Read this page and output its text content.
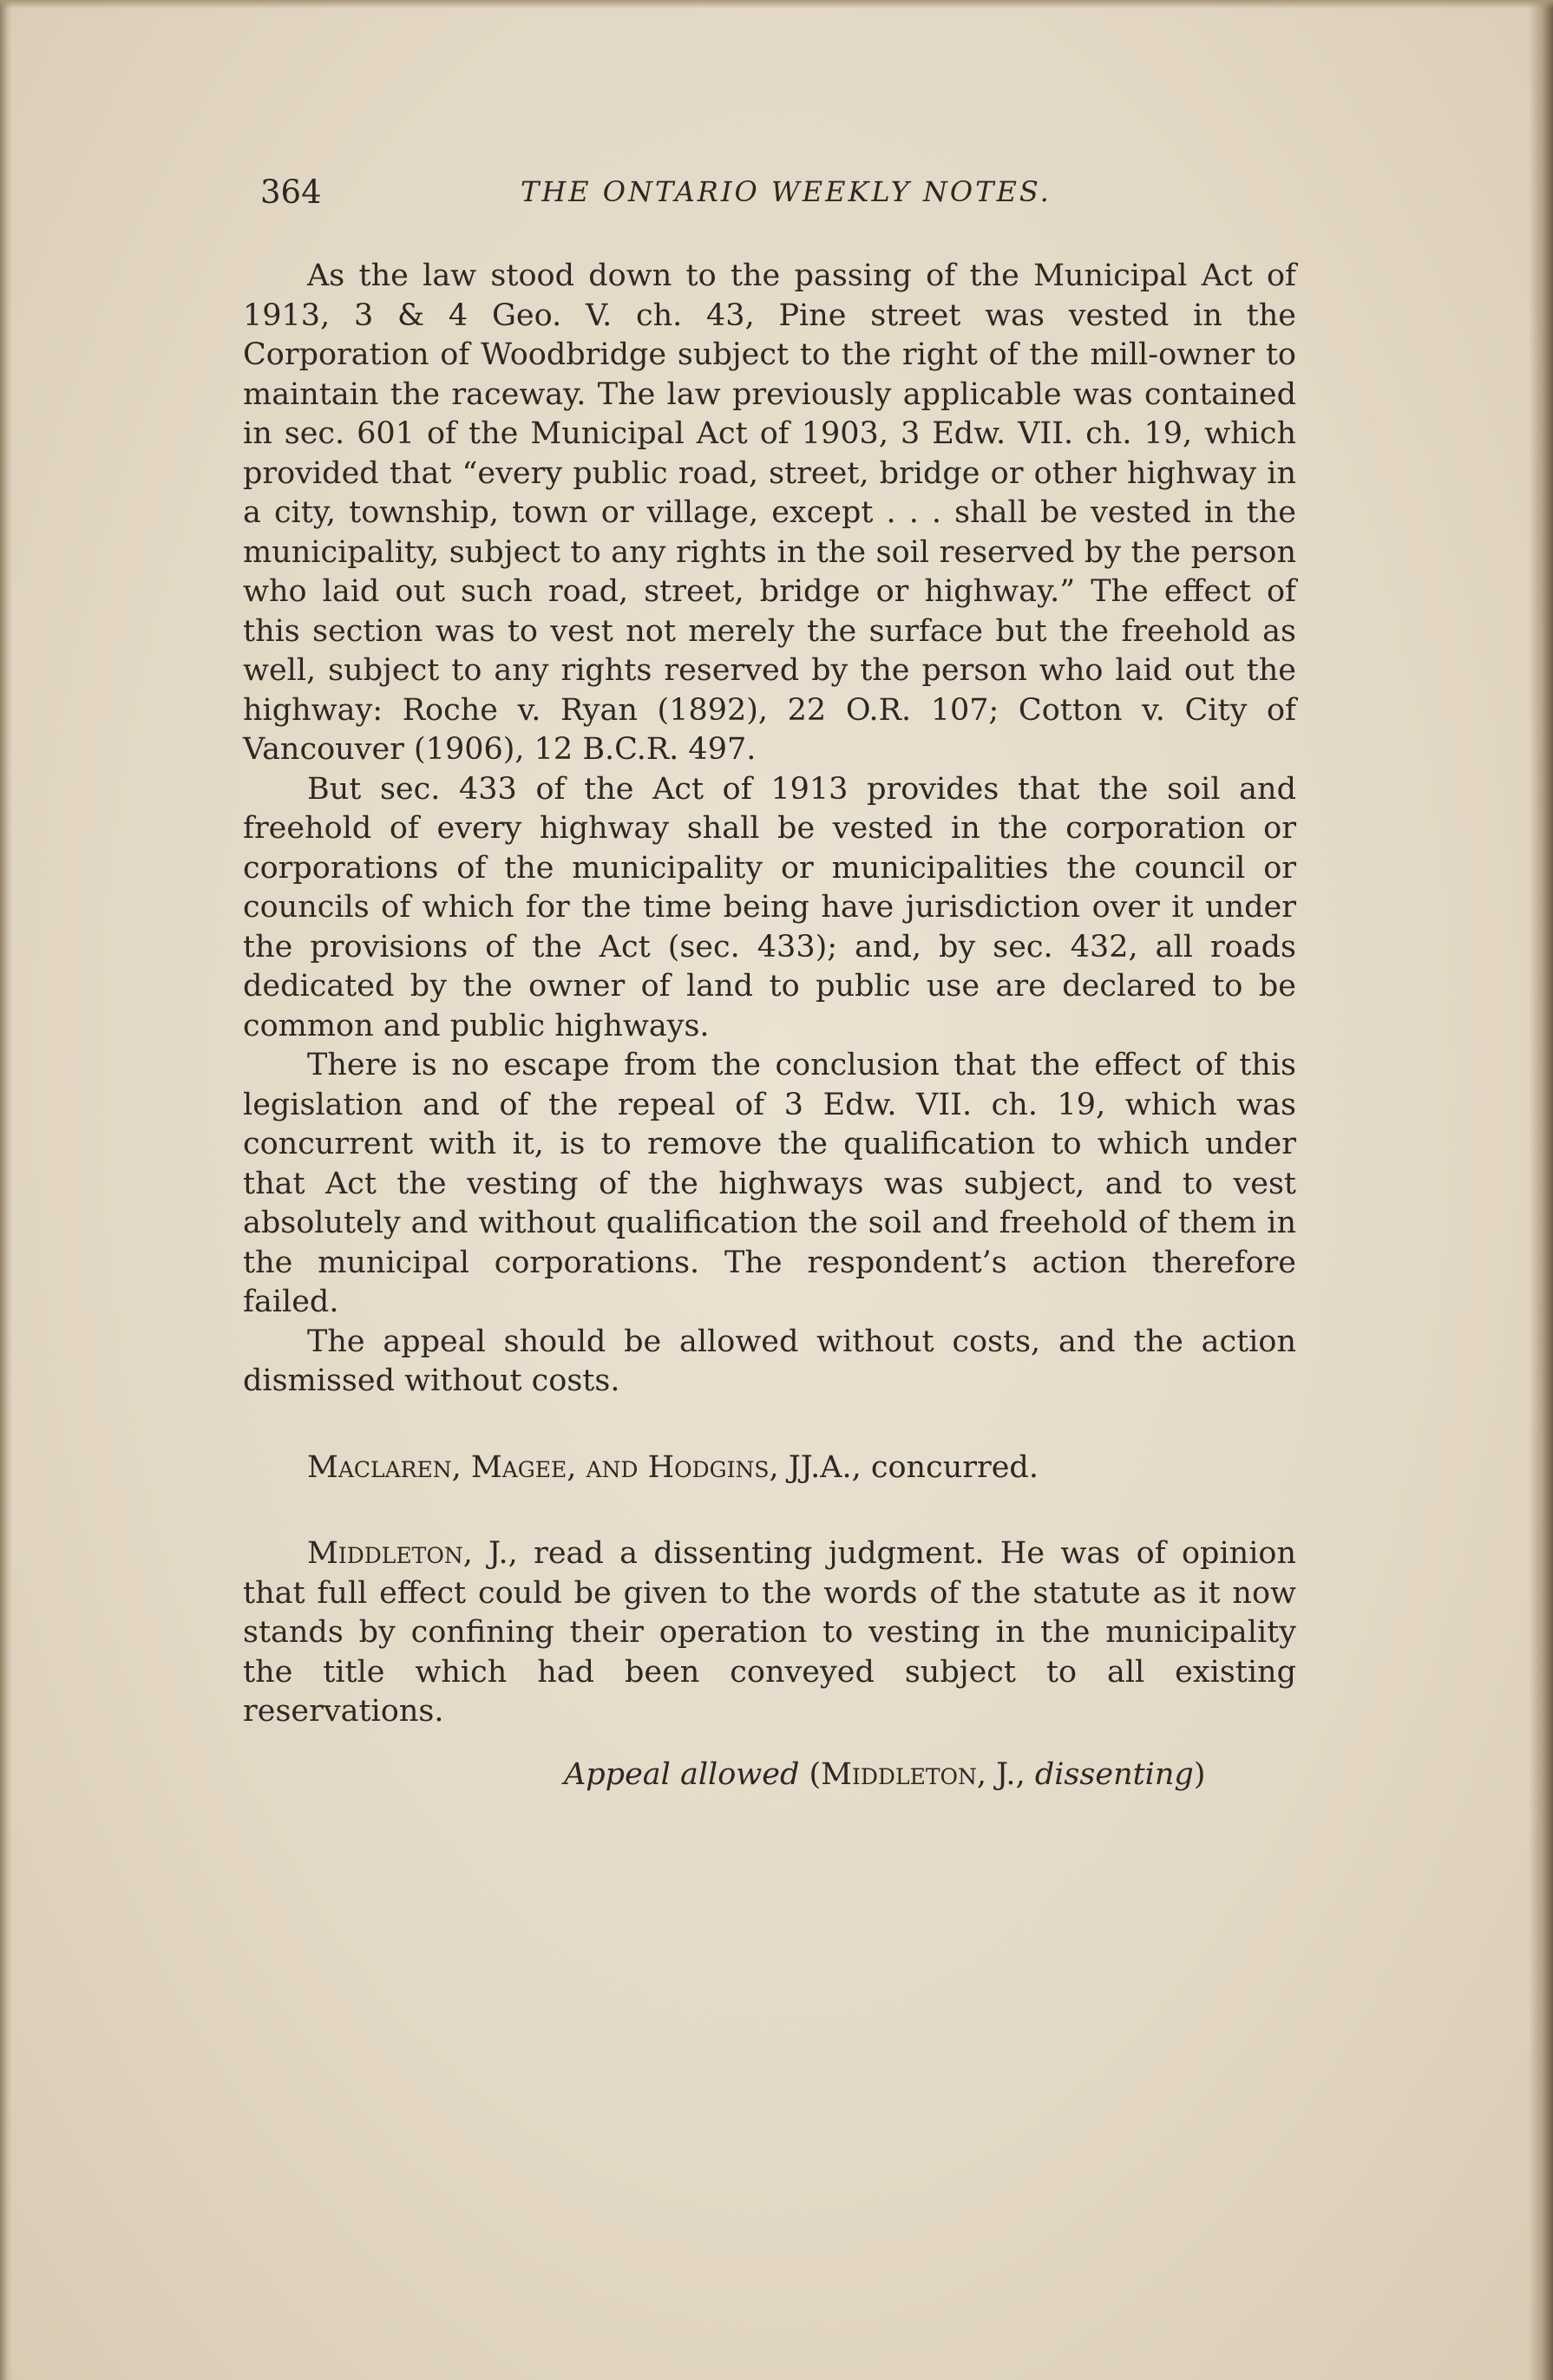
364	THE ONTARIO WEEKLY NOTES.

As the law stood down to the passing of the Municipal Act of 1913, 3 & 4 Geo. V. ch. 43, Pine street was vested in the Corporation of Woodbridge subject to the right of the mill-owner to maintain the raceway. The law previously applicable was contained in sec. 601 of the Municipal Act of 1903, 3 Edw. VII. ch. 19, which provided that “every public road, street, bridge or other highway in a city, township, town or village, except . . . shall be vested in the municipality, subject to any rights in the soil reserved by the person who laid out such road, street, bridge or highway.” The effect of this section was to vest not merely the surface but the freehold as well, subject to any rights reserved by the person who laid out the highway: Roche v. Ryan (1892), 22 O.R. 107; Cotton v. City of Vancouver (1906), 12 B.C.R. 497.

But sec. 433 of the Act of 1913 provides that the soil and freehold of every highway shall be vested in the corporation or corporations of the municipality or municipalities the council or councils of which for the time being have jurisdiction over it under the provisions of the Act (sec. 433); and, by sec. 432, all roads dedicated by the owner of land to public use are declared to be common and public highways.

There is no escape from the conclusion that the effect of this legislation and of the repeal of 3 Edw. VII. ch. 19, which was concurrent with it, is to remove the qualification to which under that Act the vesting of the highways was subject, and to vest absolutely and without qualification the soil and freehold of them in the municipal corporations. The respondent’s action therefore failed.

The appeal should be allowed without costs, and the action dismissed without costs.

Maclaren, Magee, and Hodgins, JJ.A., concurred.

Middleton, J., read a dissenting judgment. He was of opinion that full effect could be given to the words of the statute as it now stands by confining their operation to vesting in the municipality the title which had been conveyed subject to all existing reservations.

Appeal allowed (Middleton, J., dissenting)
